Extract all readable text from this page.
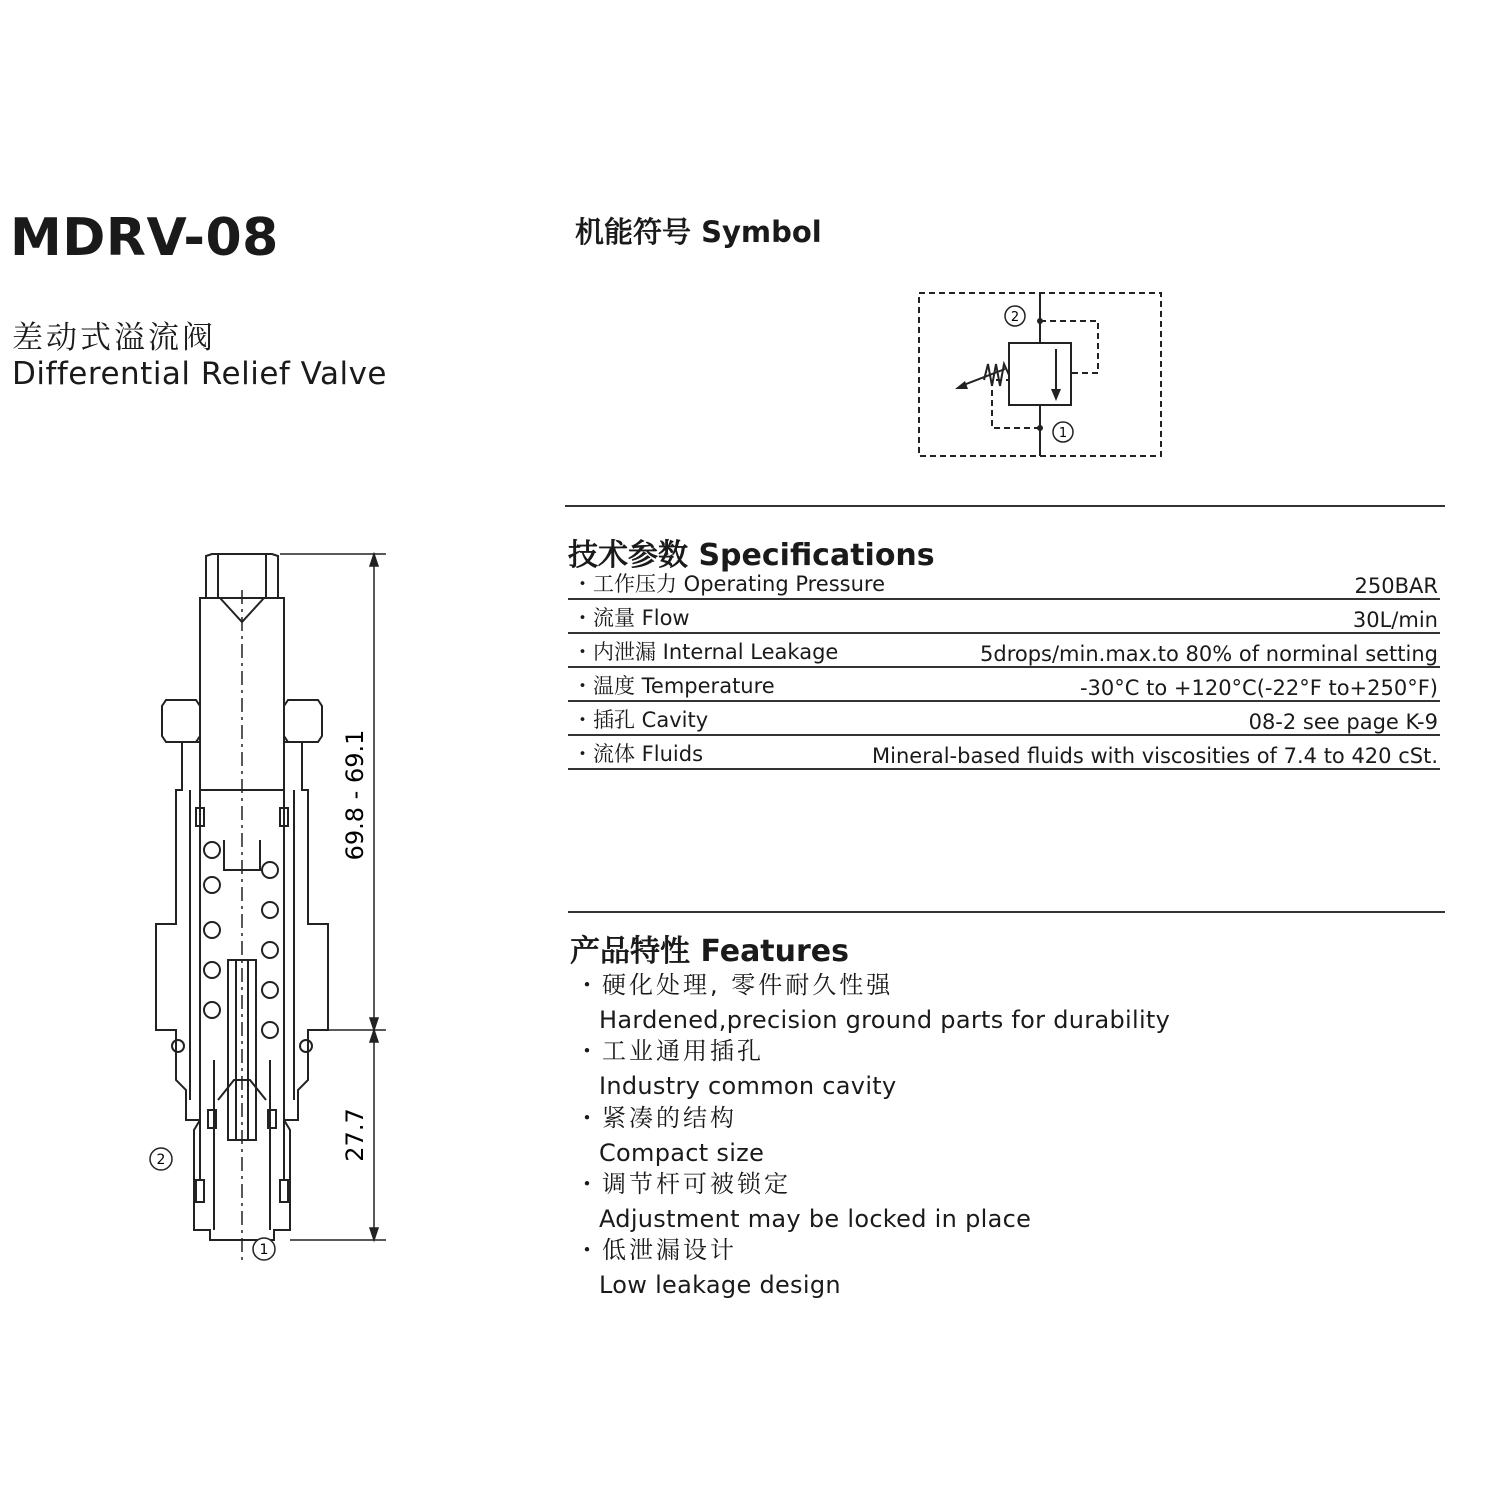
MDRV-08
差动式溢流阀
Differential Relief Valve
机能符号 Symbol
2
1
技术参数 Specifications
・工作压力 Operating Pressure	250BAR
・流量 Flow	30L/min
・内泄漏 Internal Leakage	5drops/min.max.to 80% of norminal setting
・温度 Temperature	-30°C to +120°C(-22°F to+250°F)
・插孔 Cavity	08-2 see page K-9
・流体 Fluids	Mineral-based fluids with viscosities of 7.4 to 420 cSt.
产品特性 Features
・硬化处理, 零件耐久性强
Hardened,precision ground parts for durability
・工业通用插孔
Industry common cavity
・紧凑的结构
Compact size
・调节杆可被锁定
Adjustment may be locked in place
・低泄漏设计
Low leakage design
69.8 - 69.1
27.7
2
1
